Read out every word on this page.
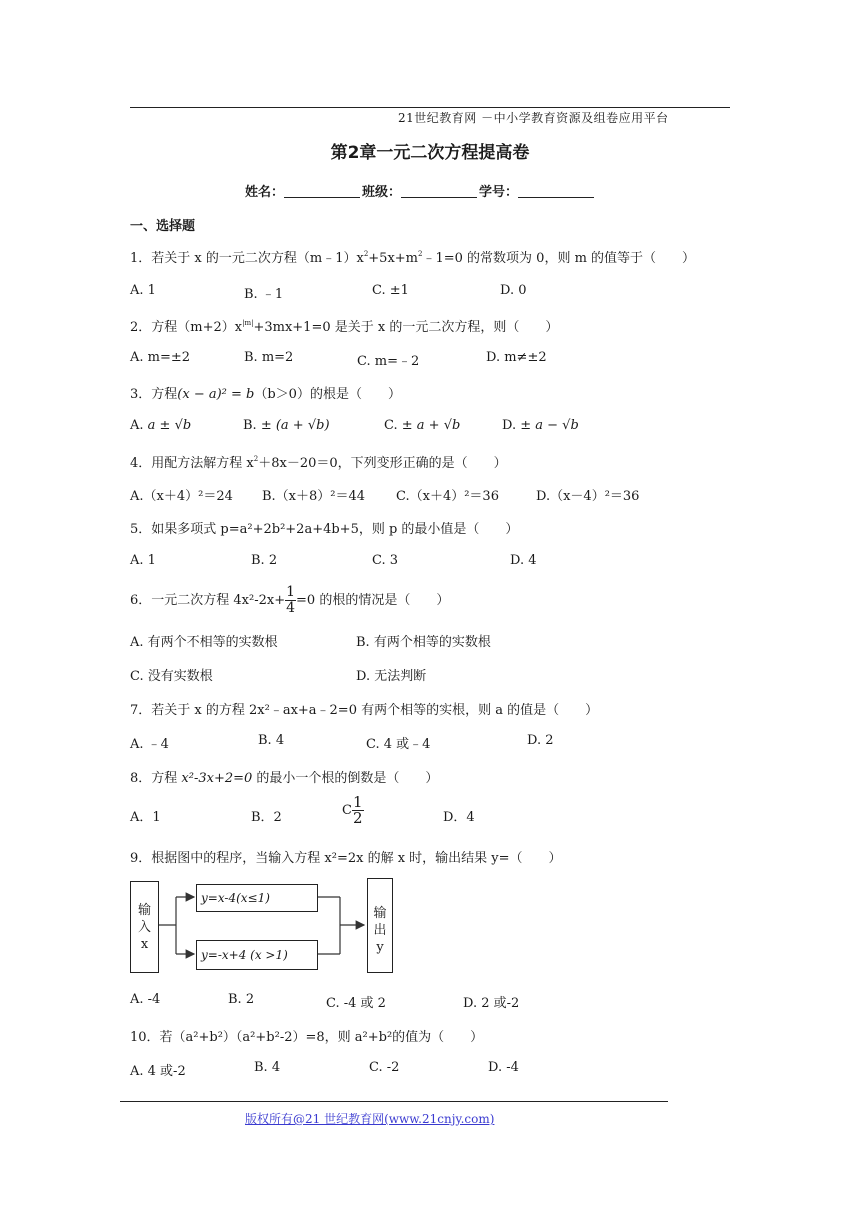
21世纪教育网 －中小学教育资源及组卷应用平台
第2章一元二次方程提高卷
姓名：	班级：	学号：
一、选择题
1．若关于 x 的一元二次方程$(m﹣1)x^2+5x+m^2﹣1=0$ 的常数项为 0，则 m 的值等于（　　）
A. 1	B. ﹣1	C. ±1	D. 0
2．方程$(m+2)x^{|m|}+3mx+1=0$ 是关于 x 的一元二次方程，则（　　）
A. m=±2	B. m=2	C. m=﹣2	D. m≠±2
3．方程(x − a)² = b（b＞0）的根是（　　）
A. a ± √b	B. ± (a + √b)	C. ± a + √b	D. ± a − √b
4．用配方法解方程 $x^2+8x-20=0$，下列变形正确的是（　　）
A.（x＋4）²＝24 B.（x＋8）²＝44 C.（x＋4）²＝36	D.（x－4）²＝36
5．如果多项式 p=a²+2b²+2a+4b+5，则 p 的最小值是（　　）
A. 1	B. 2	C. 3	D. 4
6．一元二次方程 $4x^2-2x+ \frac{1}{4} =0$ 的根的情况是（　　）
A. 有两个不相等的实数根	B. 有两个相等的实数根
C. 没有实数根	D. 无法判断
7．若关于 x 的方程 2x²﹣ax+a﹣2=0 有两个相等的实根，则 a 的值是（　　）
A. ﹣4	B. 4	C. 4 或﹣4	D. 2
8．方程 x²-3x+2=0 的最小一个根的倒数是（　　）
A．1	B．2	C $\frac{1}{2}$	D．4
9．根据图中的程序，当输入方程 x²=2x 的解 x 时，输出结果 y=（　　）
输
入
x
y=x-4(x≤1)
y=-x+4 (x >1)
输
出
y
A. -4	B. 2	C. -4 或 2	D. 2 或-2
10．若（a²+b²）（a²+b²-2）=8，则 a²+b²的值为（　　）
A. 4 或-2	B. 4	C. -2	D. -4
版权所有@21 世纪教育网(www.21cnjy.com)
